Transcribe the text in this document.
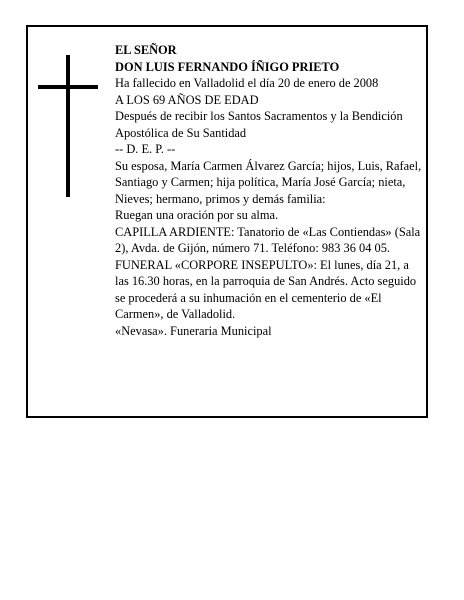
EL SEÑOR

DON LUIS FERNANDO ÍÑIGO PRIETO

Ha fallecido en Valladolid el día 20 de enero de 2008

A LOS 69 AÑOS DE EDAD

Después de recibir los Santos Sacramentos y la Bendición Apostólica de Su Santidad

-- D. E. P. --

Su esposa, María Carmen Álvarez García; hijos, Luis, Rafael, Santiago y Carmen; hija política, María José García; nieta, Nieves; hermano, primos y demás familia:

Ruegan una oración por su alma.

CAPILLA ARDIENTE: Tanatorio de «Las Contiendas» (Sala 2), Avda. de Gijón, número 71. Teléfono: 983 36 04 05.

FUNERAL «CORPORE INSEPULTO»: El lunes, día 21, a las 16.30 horas, en la parroquia de San Andrés. Acto seguido se procederá a su inhumación en el cementerio de «El Carmen», de Valladolid.

«Nevasa». Funeraria Municipal
